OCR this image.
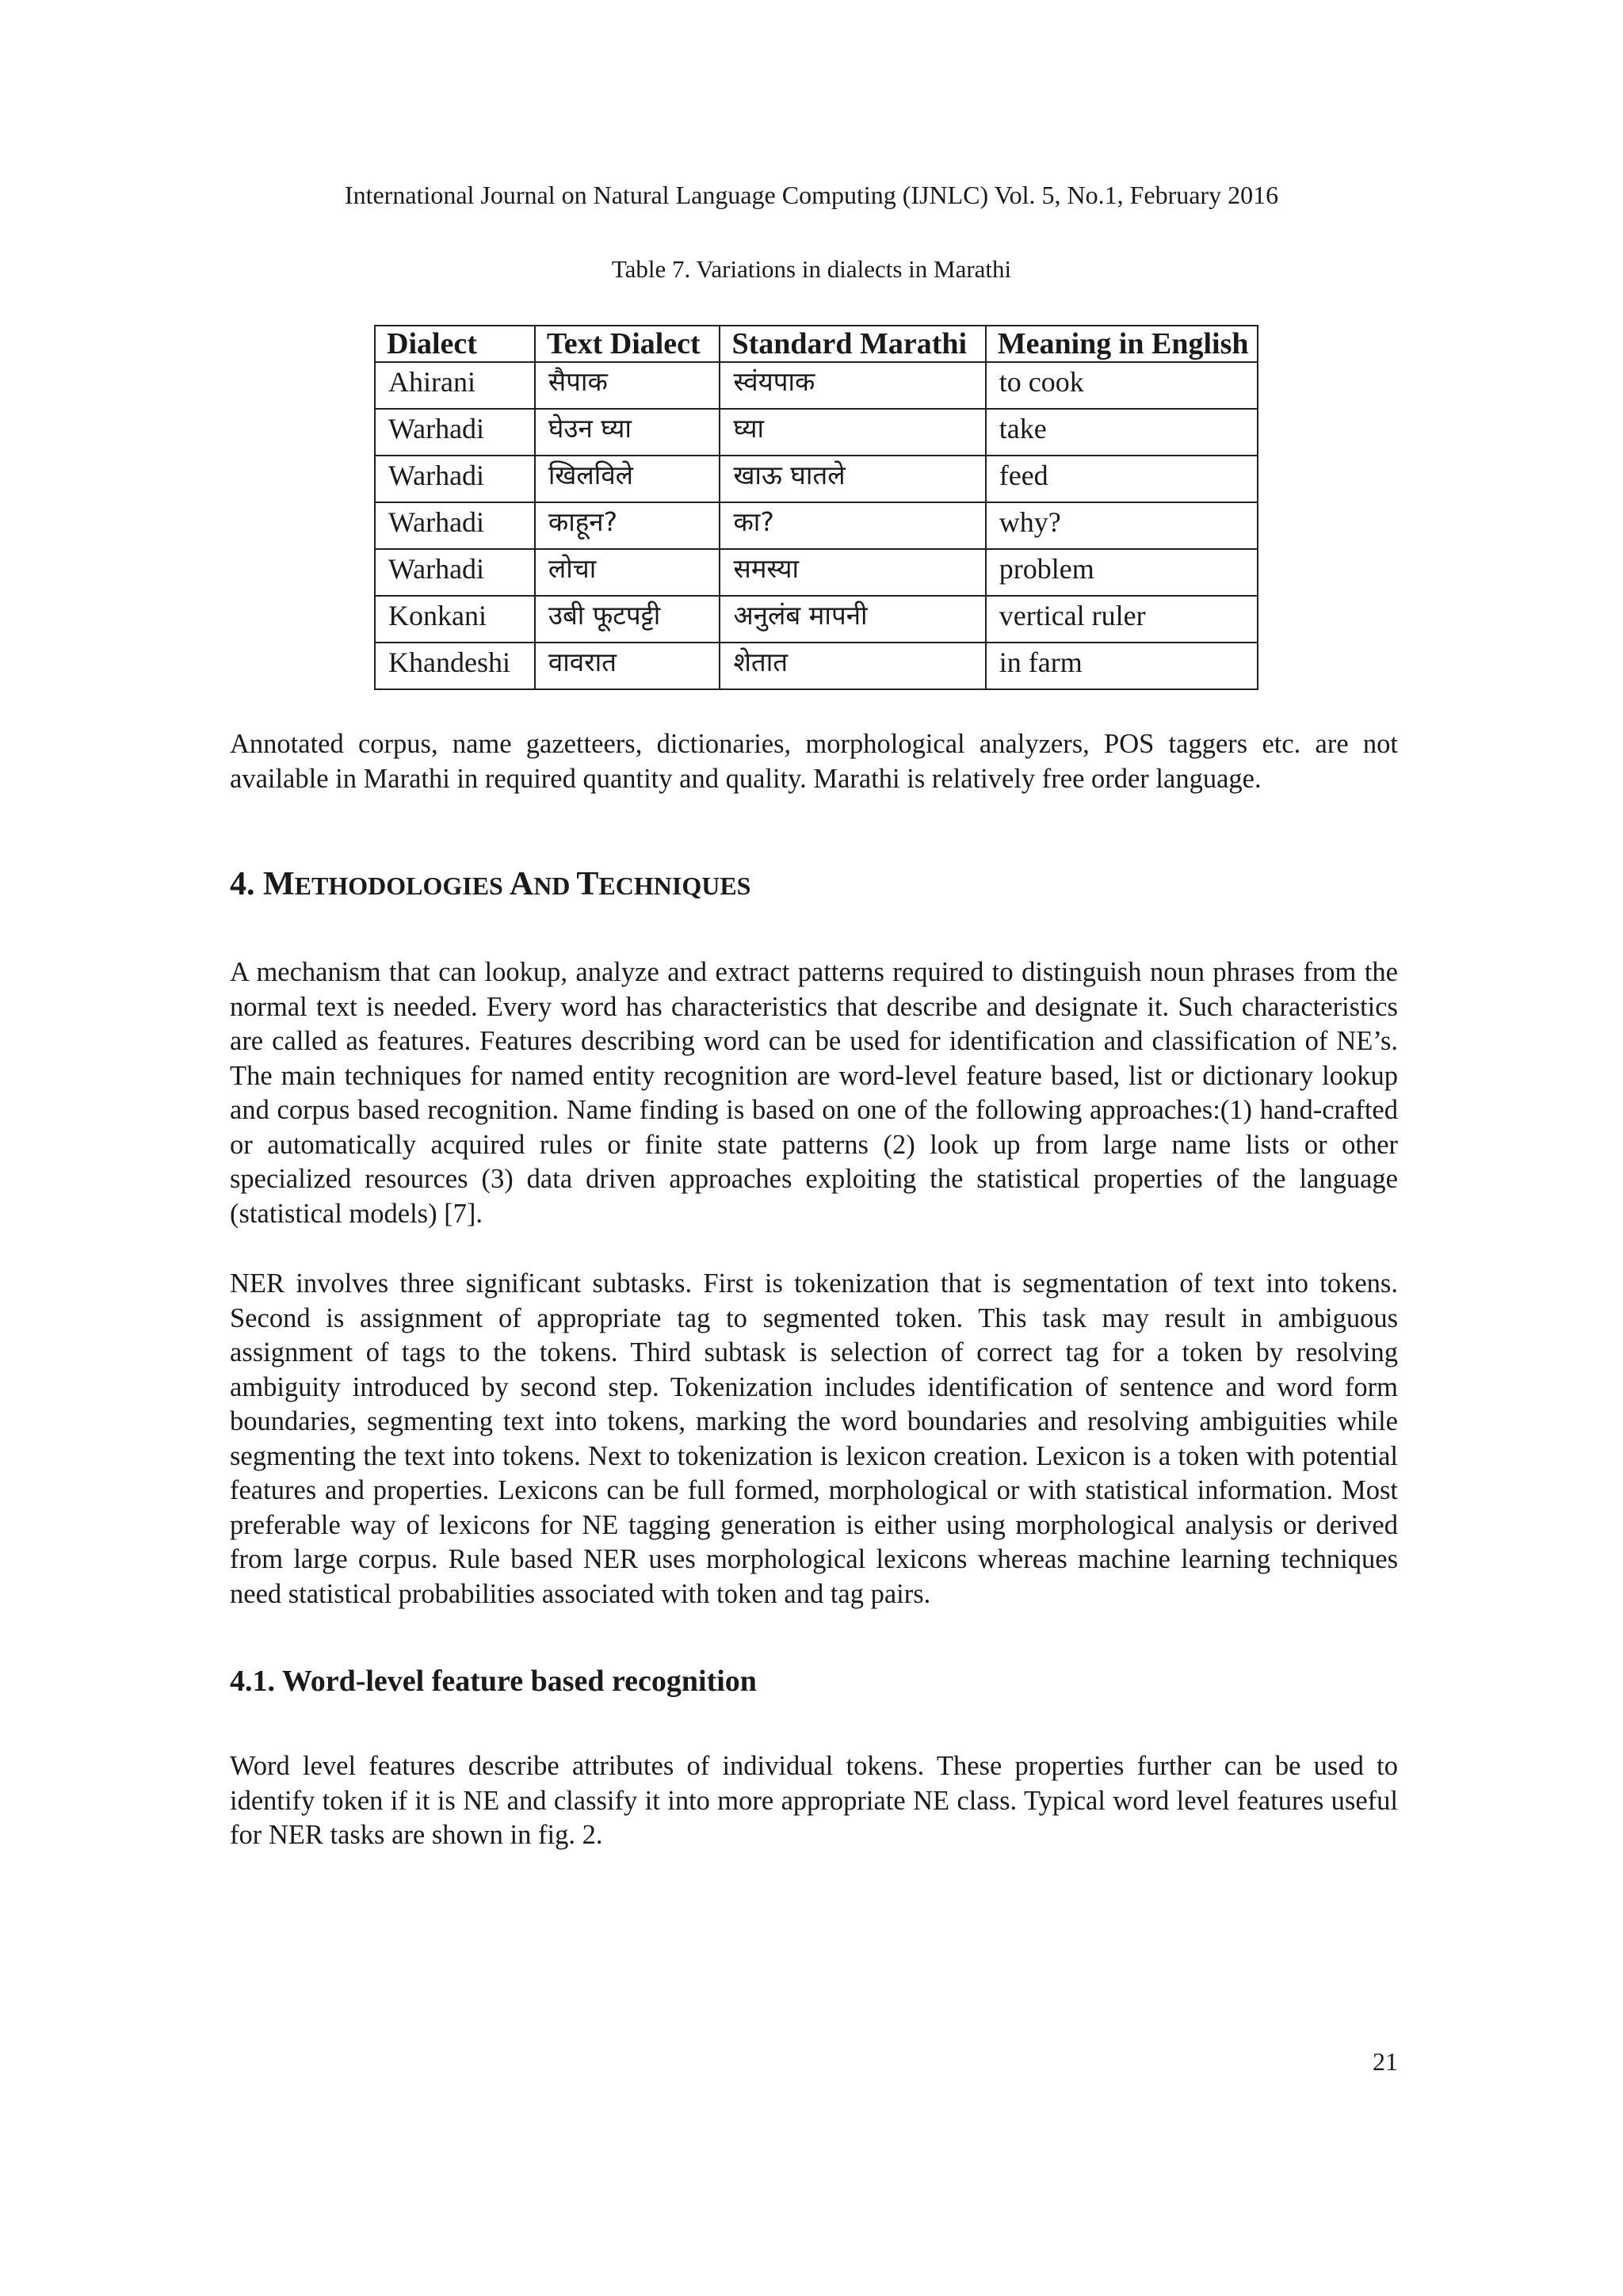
International Journal on Natural Language Computing (IJNLC) Vol. 5, No.1, February 2016
Table 7. Variations in dialects in Marathi
Dialect	Text Dialect	Standard Marathi	Meaning in English
Ahirani	सैपाक	स्वंयपाक	to cook
Warhadi	घेउन घ्या	घ्या	take
Warhadi	खिलविले	खाऊ घातले	feed
Warhadi	काहून?	का?	why?
Warhadi	लोचा	समस्या	problem
Konkani	उबी फूटपट्टी	अनुलंब मापनी	vertical ruler
Khandeshi	वावरात	शेतात	in farm

Annotated corpus, name gazetteers, dictionaries, morphological analyzers, POS taggers etc. are not available in Marathi in required quantity and quality. Marathi is relatively free order language.

4. METHODOLOGIES AND TECHNIQUES

A mechanism that can lookup, analyze and extract patterns required to distinguish noun phrases from the normal text is needed. Every word has characteristics that describe and designate it. Such characteristics are called as features. Features describing word can be used for identification and classification of NE’s. The main techniques for named entity recognition are word-level feature based, list or dictionary lookup and corpus based recognition. Name finding is based on one of the following approaches:(1) hand-crafted or automatically acquired rules or finite state patterns (2) look up from large name lists or other specialized resources (3) data driven approaches exploiting the statistical properties of the language (statistical models) [7].

NER involves three significant subtasks. First is tokenization that is segmentation of text into tokens. Second is assignment of appropriate tag to segmented token. This task may result in ambiguous assignment of tags to the tokens. Third subtask is selection of correct tag for a token by resolving ambiguity introduced by second step. Tokenization includes identification of sentence and word form boundaries, segmenting text into tokens, marking the word boundaries and resolving ambiguities while segmenting the text into tokens. Next to tokenization is lexicon creation. Lexicon is a token with potential features and properties. Lexicons can be full formed, morphological or with statistical information. Most preferable way of lexicons for NE tagging generation is either using morphological analysis or derived from large corpus. Rule based NER uses morphological lexicons whereas machine learning techniques need statistical probabilities associated with token and tag pairs.

4.1. Word-level feature based recognition

Word level features describe attributes of individual tokens. These properties further can be used to identify token if it is NE and classify it into more appropriate NE class. Typical word level features useful for NER tasks are shown in fig. 2.

21
